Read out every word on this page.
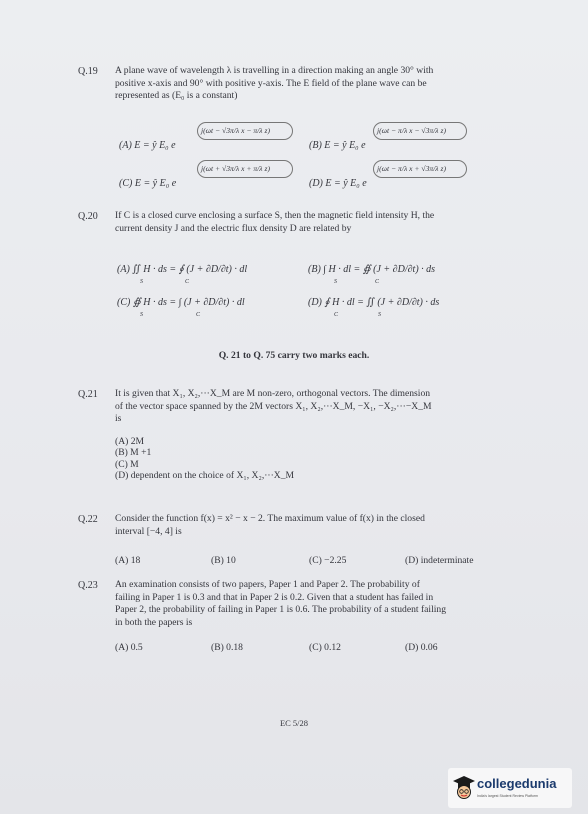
Q.19 A plane wave of wavelength λ is travelling in a direction making an angle 30° with
positive x-axis and 90° with positive y-axis. The E field of the plane wave can be
represented as (E₀ is a constant)
j(ωt − √3π/λ x − π/λ z)
(A) E = ŷ E₀ e
j(ωt − π/λ x − √3π/λ z)
(B) E = ŷ E₀ e
j(ωt + √3π/λ x + π/λ z)
(C) E = ŷ E₀ e
j(ωt − π/λ x + √3π/λ z)
(D) E = ŷ E₀ e
Q.20 If C is a closed curve enclosing a surface S, then the magnetic field intensity H, the
current density J and the electric flux density D are related by
(A) ∬ H · ds = ∮ (J + ∂D/∂t) · dl
S	C
(B) ∫ H · dl = ∯ (J + ∂D/∂t) · ds
S	C
(C) ∯ H · ds = ∫ (J + ∂D/∂t) · dl
S	C
(D) ∮ H · dl = ∬ (J + ∂D/∂t) · ds
C	S
Q. 21 to Q. 75 carry two marks each.
Q.21 It is given that X₁, X₂,···X_M are M non-zero, orthogonal vectors. The dimension
of the vector space spanned by the 2M vectors X₁, X₂,···X_M, −X₁, −X₂,···−X_M
is
(A) 2M
(B) M +1
(C) M
(D) dependent on the choice of X₁, X₂,···X_M
Q.22 Consider the function f(x) = x² − x − 2. The maximum value of f(x) in the closed
interval [−4, 4] is
(A) 18	(B) 10	(C) −2.25	(D) indeterminate
Q.23 An examination consists of two papers, Paper 1 and Paper 2. The probability of
failing in Paper 1 is 0.3 and that in Paper 2 is 0.2. Given that a student has failed in
Paper 2, the probability of failing in Paper 1 is 0.6. The probability of a student failing
in both the papers is
(A) 0.5	(B) 0.18	(C) 0.12	(D) 0.06
EC 5/28
collegedunia
India's largest Student Review Platform
